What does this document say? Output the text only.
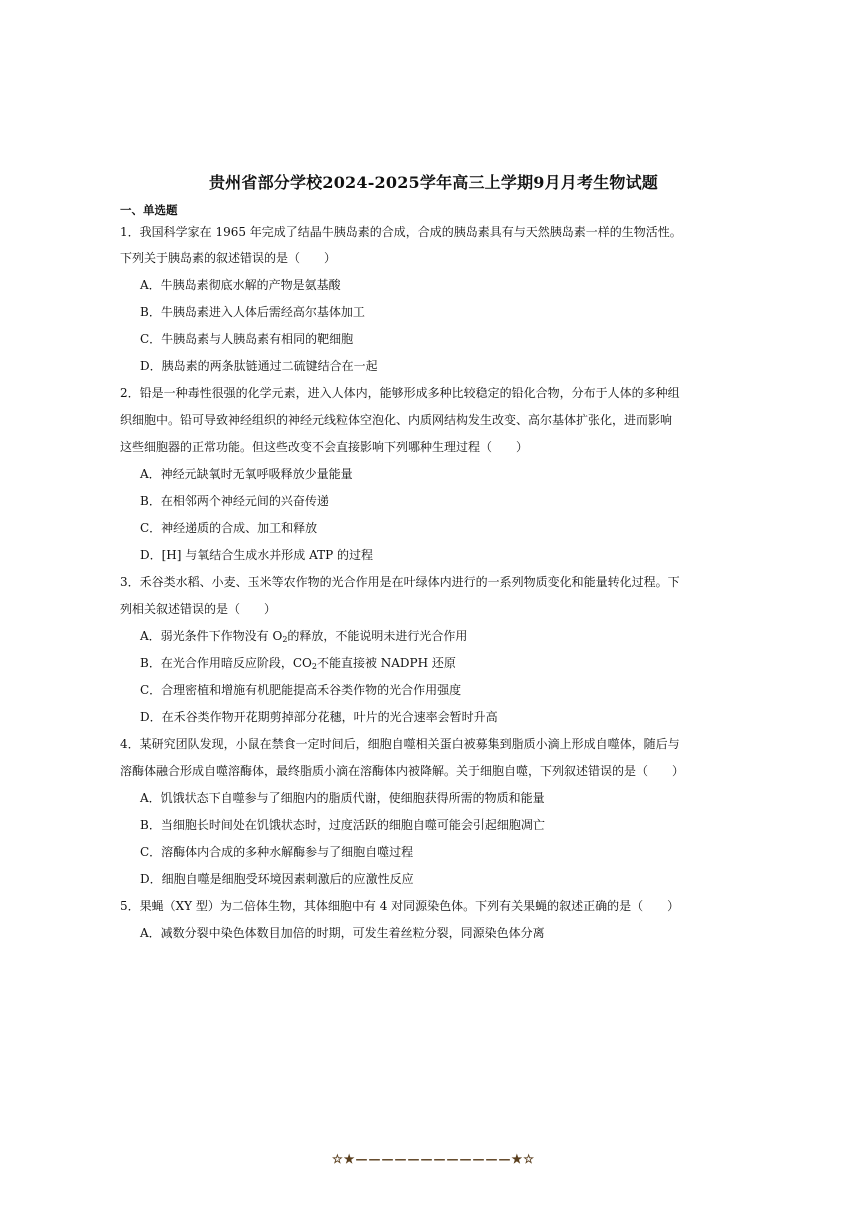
贵州省部分学校2024-2025学年高三上学期9月月考生物试题
一、单选题
1．我国科学家在 1965 年完成了结晶牛胰岛素的合成，合成的胰岛素具有与天然胰岛素一样的生物活性。
下列关于胰岛素的叙述错误的是（　　）
A．牛胰岛素彻底水解的产物是氨基酸
B．牛胰岛素进入人体后需经高尔基体加工
C．牛胰岛素与人胰岛素有相同的靶细胞
D．胰岛素的两条肽链通过二硫键结合在一起
2．铅是一种毒性很强的化学元素，进入人体内，能够形成多种比较稳定的铅化合物，分布于人体的多种组
织细胞中。铅可导致神经组织的神经元线粒体空泡化、内质网结构发生改变、高尔基体扩张化，进而影响
这些细胞器的正常功能。但这些改变不会直接影响下列哪种生理过程（　　）
A．神经元缺氧时无氧呼吸释放少量能量
B．在相邻两个神经元间的兴奋传递
C．神经递质的合成、加工和释放
D．[H] 与氧结合生成水并形成 ATP 的过程
3．禾谷类水稻、小麦、玉米等农作物的光合作用是在叶绿体内进行的一系列物质变化和能量转化过程。下
列相关叙述错误的是（　　）
A．弱光条件下作物没有 $O_2$的释放，不能说明未进行光合作用
B．在光合作用暗反应阶段，$CO_2$不能直接被 NADPH 还原
C．合理密植和增施有机肥能提高禾谷类作物的光合作用强度
D．在禾谷类作物开花期剪掉部分花穗，叶片的光合速率会暂时升高
4．某研究团队发现，小鼠在禁食一定时间后，细胞自噬相关蛋白被募集到脂质小滴上形成自噬体，随后与
溶酶体融合形成自噬溶酶体，最终脂质小滴在溶酶体内被降解。关于细胞自噬，下列叙述错误的是（　　）
A．饥饿状态下自噬参与了细胞内的脂质代谢，使细胞获得所需的物质和能量
B．当细胞长时间处在饥饿状态时，过度活跃的细胞自噬可能会引起细胞凋亡
C．溶酶体内合成的多种水解酶参与了细胞自噬过程
D．细胞自噬是细胞受环境因素刺激后的应激性反应
5．果蝇（XY 型）为二倍体生物，其体细胞中有 4 对同源染色体。下列有关果蝇的叙述正确的是（　　）
A．减数分裂中染色体数目加倍的时期，可发生着丝粒分裂，同源染色体分离
☆★————————————★☆
